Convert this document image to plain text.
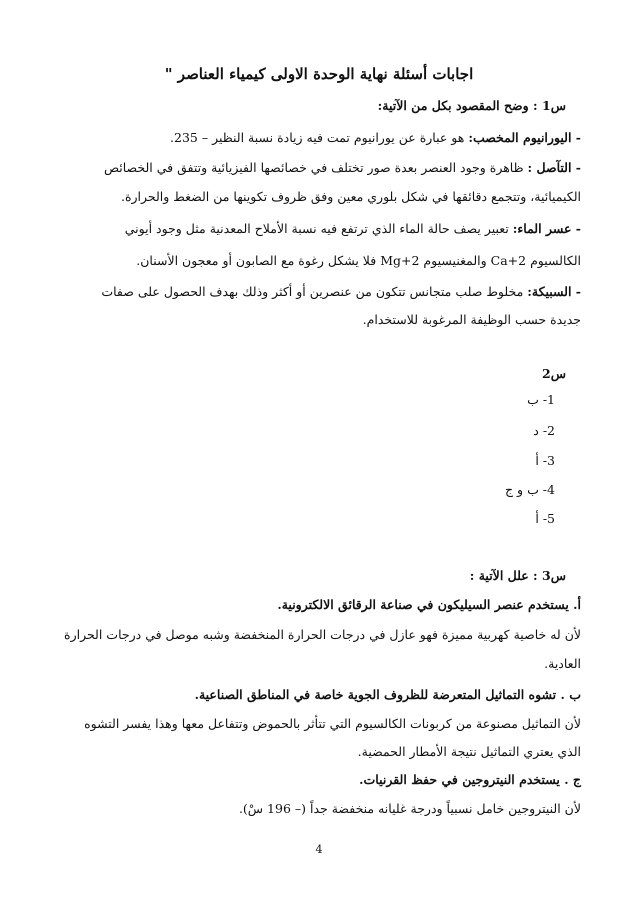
اجابات أسئلة نهاية الوحدة الاولى كيمياء العناصر "
س1 : وضح المقصود بكل من الآتية:
- اليورانيوم المخصب: هو عبارة عن يورانيوم تمت فيه زيادة نسبة النظير – 235.
- التآصل : ظاهرة وجود العنصر بعدة صور تختلف في خصائصها الفيزيائية وتتفق في الخصائص
الكيميائية، وتتجمع دقائقها في شكل بلوري معين وفق ظروف تكوينها من الضغط والحرارة.
- عسر الماء: تعبير يصف حالة الماء الذي ترتفع فيه نسبة الأملاح المعدنية مثل وجود أيوني
الكالسيوم Ca+2 والمغنيسيوم Mg+2 فلا يشكل رغوة مع الصابون أو معجون الأسنان.
- السبيكة: مخلوط صلب متجانس تتكون من عنصرين أو أكثر وذلك بهدف الحصول على صفات
جديدة حسب الوظيفة المرغوبة للاستخدام.
س2
1- ب
2- د
3- أ
4- ب و ج
5- أ
س3 : علل الآتية :
أ. يستخدم عنصر السيليكون في صناعة الرقائق الالكترونية.
لأن له خاصية كهربية مميزة فهو عازل في درجات الحرارة المنخفضة وشبه موصل في درجات الحرارة
العادية.
ب . تشوه التماثيل المتعرضة للظروف الجوية خاصة في المناطق الصناعية.
لأن التماثيل مصنوعة من كربونات الكالسيوم التي تتأثر بالحموض وتتفاعل معها وهذا يفسر التشوه
الذي يعتري التماثيل نتيجة الأمطار الحمضية.
ج . يستخدم النيتروجين في حفظ القرنيات.
لأن النيتروجين خامل نسبياً ودرجة غليانه منخفضة جداً (– 196 سْ).
4
